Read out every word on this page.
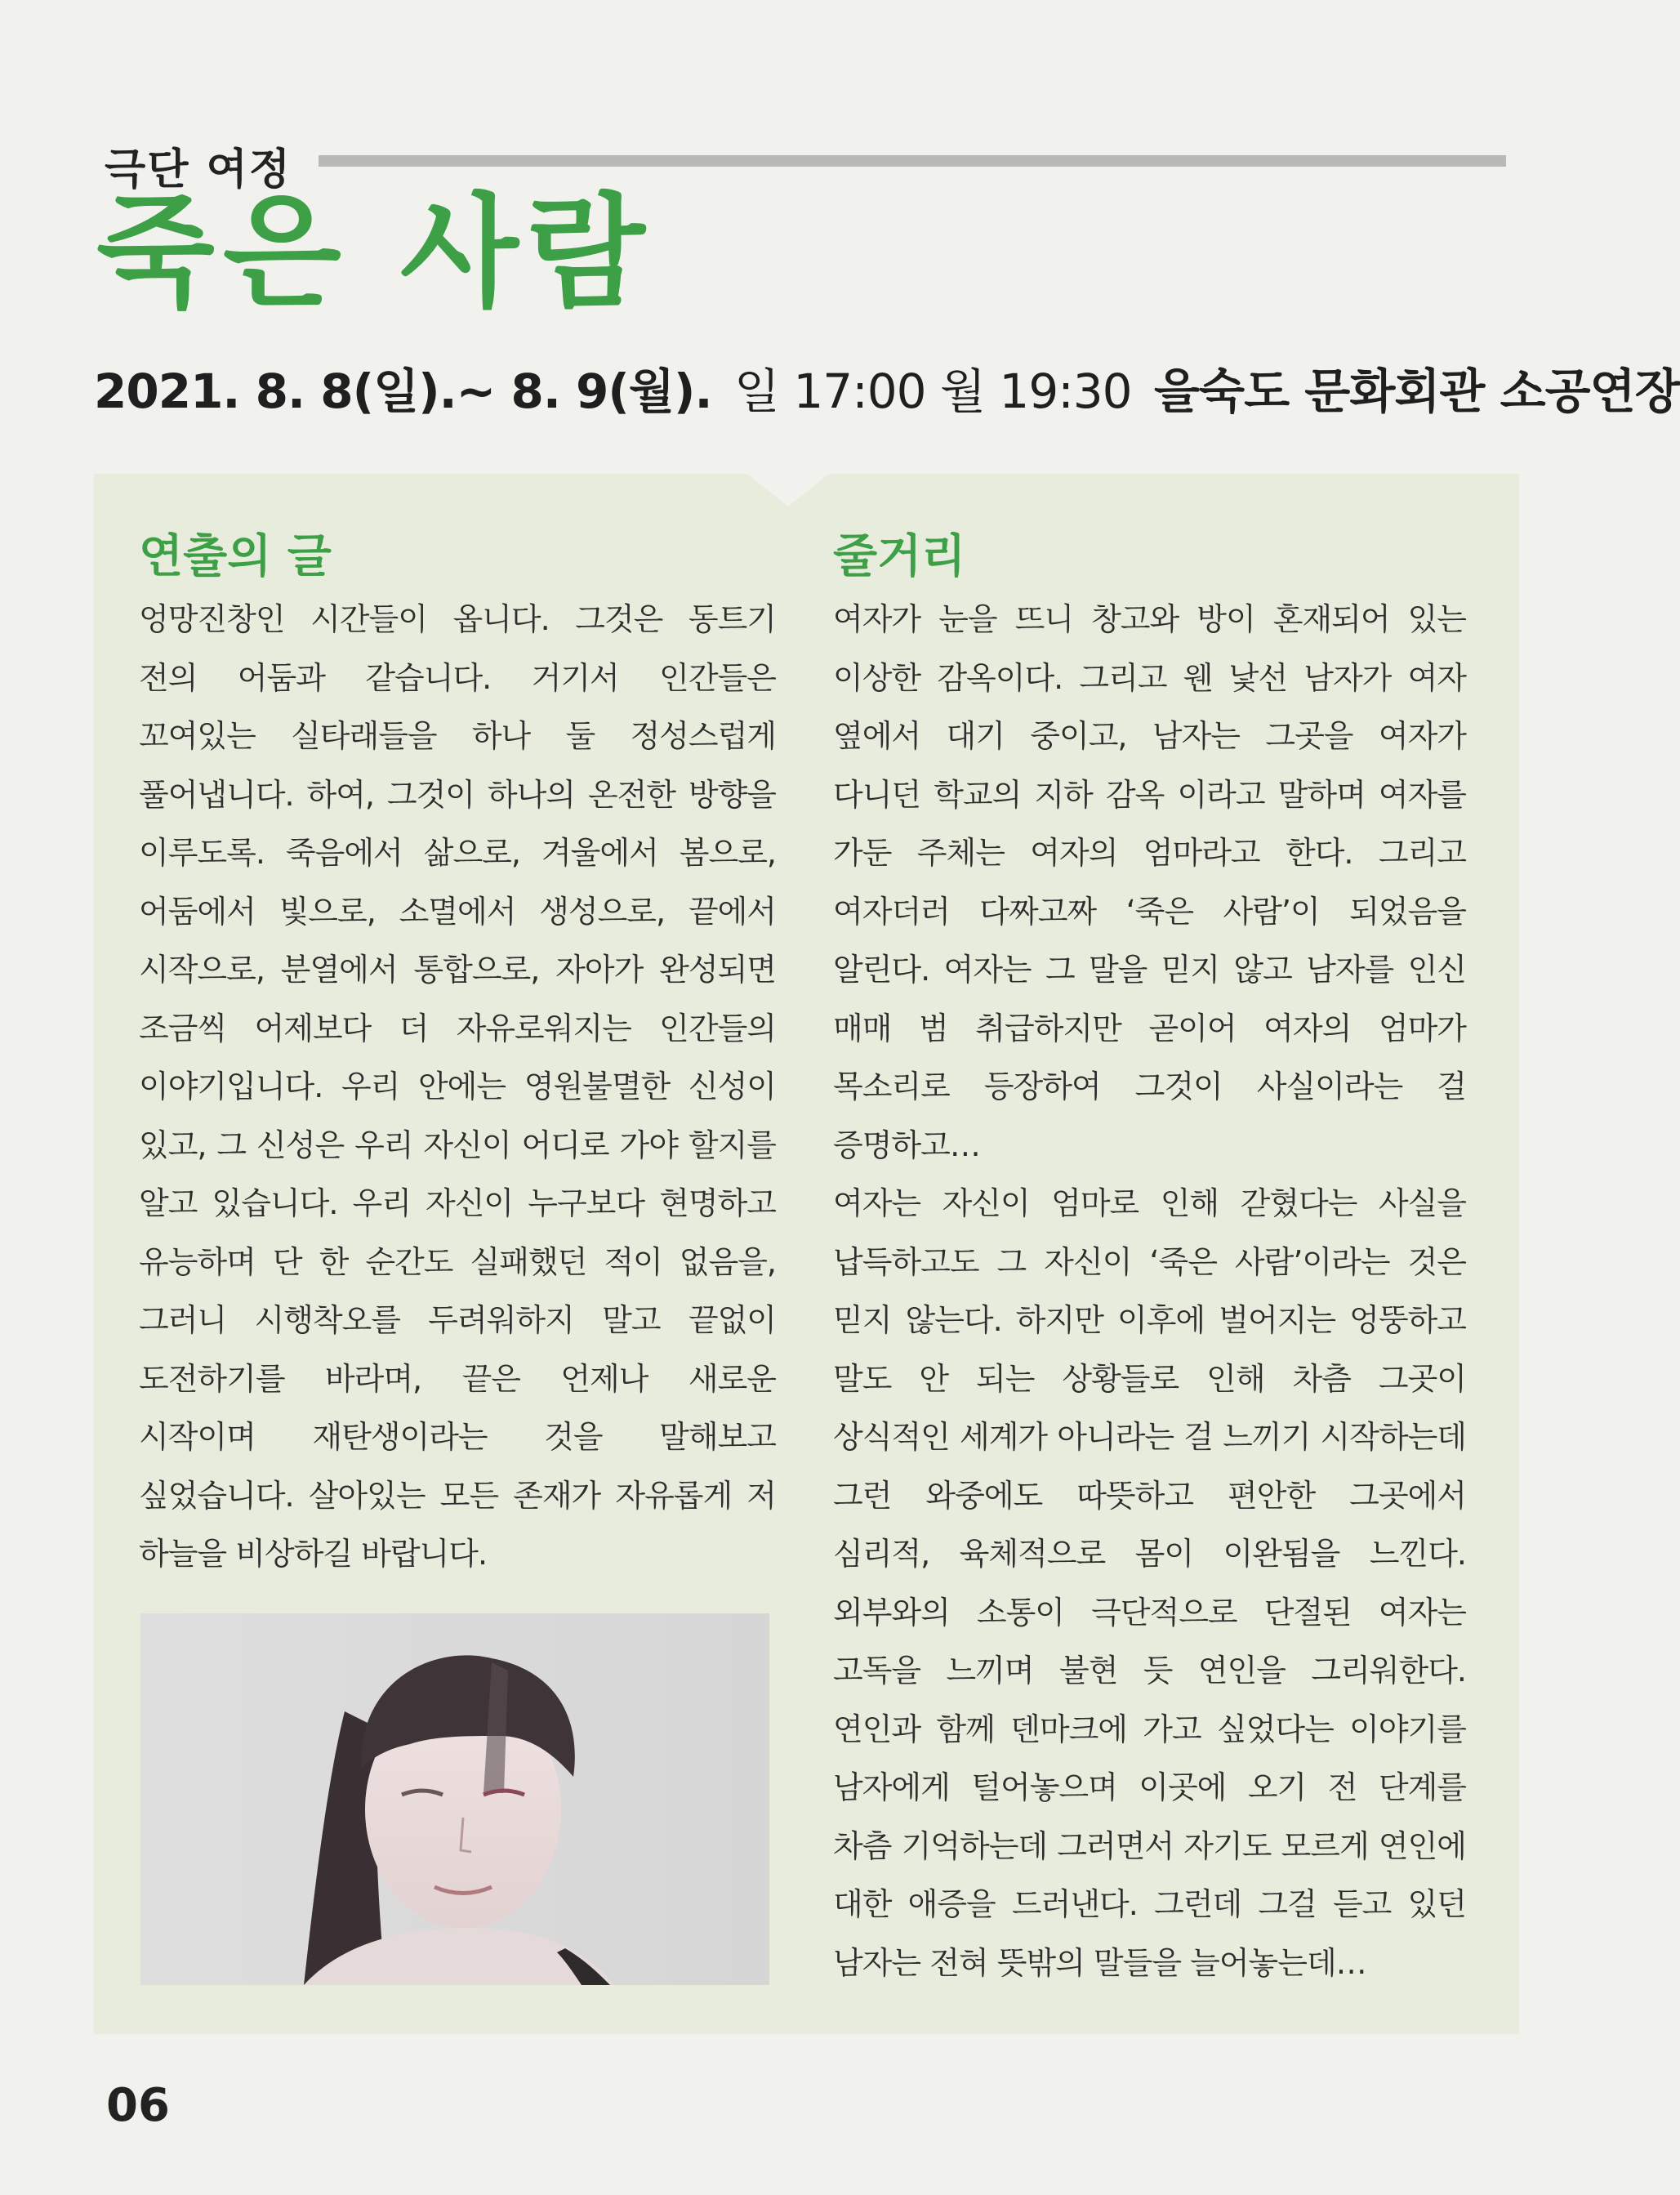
극단 여정
죽은 사람
2021. 8. 8(일).~ 8. 9(월). 일 17:00 월 19:30 을숙도 문화회관 소공연장
연출의 글

엉망진창인 시간들이 옵니다. 그것은 동트기 전의 어둠과 같습니다. 거기서 인간들은 꼬여있는 실타래들을 하나 둘 정성스럽게 풀어냅니다. 하여, 그것이 하나의 온전한 방향을 이루도록. 죽음에서 삶으로, 겨울에서 봄으로, 어둠에서 빛으로, 소멸에서 생성으로, 끝에서 시작으로, 분열에서 통합으로, 자아가 완성되면 조금씩 어제보다 더 자유로워지는 인간들의 이야기입니다. 우리 안에는 영원불멸한 신성이 있고, 그 신성은 우리 자신이 어디로 가야 할지를 알고 있습니다. 우리 자신이 누구보다 현명하고 유능하며 단 한 순간도 실패했던 적이 없음을, 그러니 시행착오를 두려워하지 말고 끝없이 도전하기를 바라며, 끝은 언제나 새로운 시작이며 재탄생이라는 것을 말해보고 싶었습니다. 살아있는 모든 존재가 자유롭게 저 하늘을 비상하길 바랍니다.

줄거리

여자가 눈을 뜨니 창고와 방이 혼재되어 있는 이상한 감옥이다. 그리고 웬 낯선 남자가 여자 옆에서 대기 중이고, 남자는 그곳을 여자가 다니던 학교의 지하 감옥 이라고 말하며 여자를 가둔 주체는 여자의 엄마라고 한다. 그리고 여자더러 다짜고짜 ‘죽은 사람’이 되었음을 알린다. 여자는 그 말을 믿지 않고 남자를 인신 매매 범 취급하지만 곧이어 여자의 엄마가 목소리로 등장하여 그것이 사실이라는 걸 증명하고…

여자는 자신이 엄마로 인해 갇혔다는 사실을 납득하고도 그 자신이 ‘죽은 사람’이라는 것은 믿지 않는다. 하지만 이후에 벌어지는 엉뚱하고 말도 안 되는 상황들로 인해 차츰 그곳이 상식적인 세계가 아니라는 걸 느끼기 시작하는데 그런 와중에도 따뜻하고 편안한 그곳에서 심리적, 육체적으로 몸이 이완됨을 느낀다. 외부와의 소통이 극단적으로 단절된 여자는 고독을 느끼며 불현 듯 연인을 그리워한다. 연인과 함께 덴마크에 가고 싶었다는 이야기를 남자에게 털어놓으며 이곳에 오기 전 단계를 차츰 기억하는데 그러면서 자기도 모르게 연인에 대한 애증을 드러낸다. 그런데 그걸 듣고 있던 남자는 전혀 뜻밖의 말들을 늘어놓는데…

06
